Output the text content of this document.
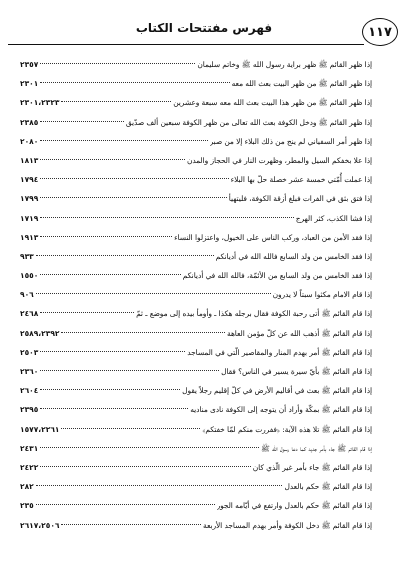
١١٧
فهرس مفتتحات الكتاب
إذا ظهر القائم ﷺ ظهر براية رسول الله ﷺ وخاتم سليمان
٢٣٥٧
إذا ظهر القائم ﷺ من ظهر البيت بعث الله معه
٢٣٠١
إذا ظهر القائم ﷺ من ظهر هذا البيت بعث الله معه سبعة وعشرين
٢٣٠١،٢٣٢٣
إذا ظهر القائم ﷺ ودخل الكوفة بعث الله تعالى من ظهر الكوفة سبعين ألف صدّيق
٢٣٨٥
إذا ظهر أمر السفياني لم ينج من ذلك البلاء إلا من صبر
٢٠٨٠
إذا علا بخفكم السيل والمطر، وظهرت النار في الحجاز والمدن
١٨١٣
إذا عملت أُمّتي خمسة عشر خصلة حلّ بها البلاء
١٧٩٤
إذا فتق بثق في الفرات فبلغ أزقة الكوفة، فليتهيأ
١٧٩٩
إذا فشا الكذب، كثر الهرج
١٧١٩
إذا فقد الأمن من العباد، وركب الناس على الخيول، واعتزلوا النساء
١٩١٣
إذا فقد الخامس من ولد السابع فالله الله في أديانكم
٩٣٣
إذا فقد الخامس من ولد السابع من الأئمّة، فالله الله في أديانكم
١٥٥٠
إذا قام الامام مكثوا سبتاً لا يدرون
٩٠٦
إذا قام القائم ﷺ أتى رحبة الكوفة فقال برجله هكذا ـ وأومأ بيده إلى موضع ـ ثمّ
٢٤٦٨
إذا قام القائم ﷺ أذهب الله عن كلّ مؤمن العاهة
٢٥٨٩،٢٣٩٢
إذا قام القائم ﷺ أمر بهدم المنار والمقاصير الّتي في المساجد
٢٥٠٣
إذا قام القائم ﷺ بأيّ سيرة يسير في الناس؟ فقال
٢٣٦٠
إذا قام القائم ﷺ بعث في أقاليم الأرض في كلّ إقليم رجلاً يقول
٢٦٠٤
إذا قام القائم ﷺ بمكّة وأراد أن يتوجه إلى الكوفة نادى مناديه
٢٣٩٥
إذا قام القائم ﷺ تلا هذه الآية: ﴿ففررت منكم لمّا خفتكم﴾
١٥٧٧،٢٢٦١
إذا قام القائم ﷺ جاء بأمر جديد كما دعا رسول الله ﷺ
٢٤٣١
إذا قام القائم ﷺ جاء بأمر غير الّذي كان
٢٤٢٢
إذا قام القائم ﷺ حكم بالعدل
٢٨٢
إذا قام القائم ﷺ حكم بالعدل وارتفع في أيّامه الجور
٢٣٥
إذا قام القائم ﷺ دخل الكوفة وأمر بهدم المساجد الأربعة
٢٦١٧،٢٥٠٦
